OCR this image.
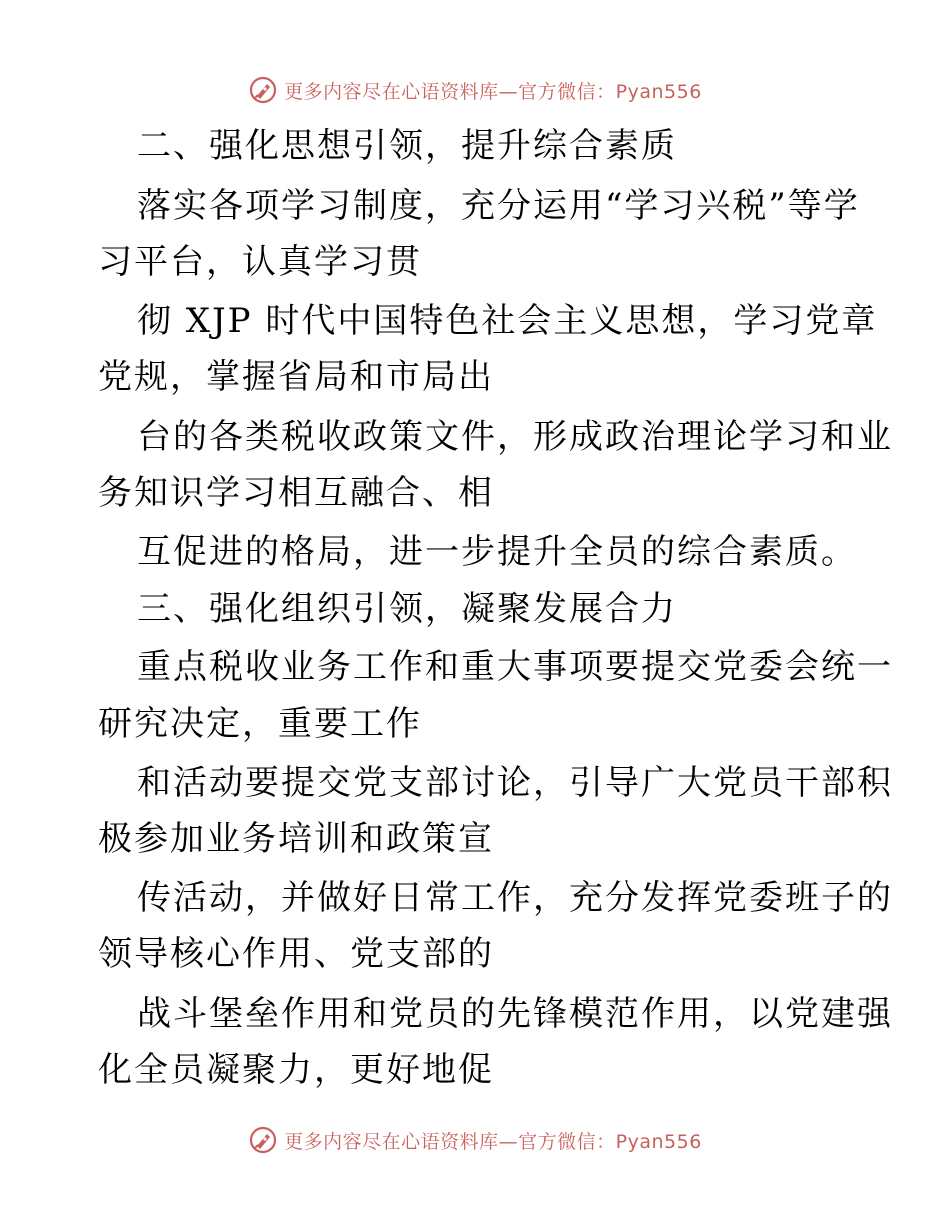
更多内容尽在心语资料库—官方微信：Pyan556
二、强化思想引领，提升综合素质
落实各项学习制度，充分运用“学习兴税”等学
习平台，认真学习贯
彻 XJP 时代中国特色社会主义思想，学习党章
党规，掌握省局和市局出
台的各类税收政策文件，形成政治理论学习和业
务知识学习相互融合、相
互促进的格局，进一步提升全员的综合素质。
三、强化组织引领，凝聚发展合力
重点税收业务工作和重大事项要提交党委会统一
研究决定，重要工作
和活动要提交党支部讨论，引导广大党员干部积
极参加业务培训和政策宣
传活动，并做好日常工作，充分发挥党委班子的
领导核心作用、党支部的
战斗堡垒作用和党员的先锋模范作用，以党建强
化全员凝聚力，更好地促
更多内容尽在心语资料库—官方微信：Pyan556
